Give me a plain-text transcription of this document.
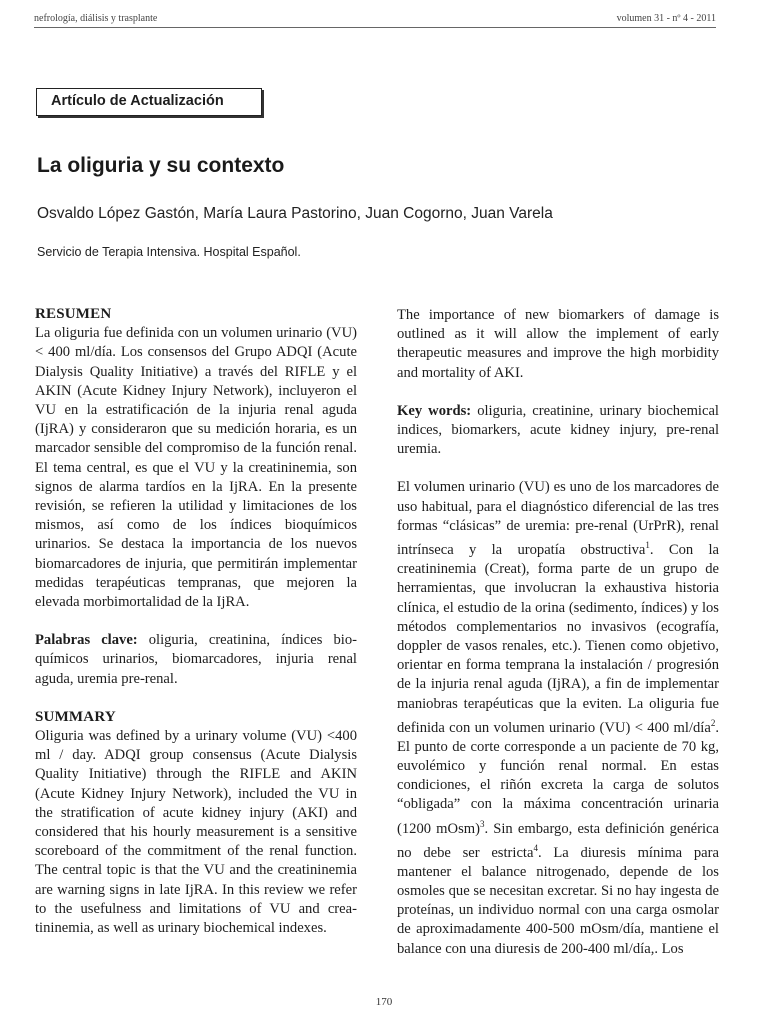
nefrología, diálisis y trasplante	volumen 31 - nº 4 - 2011
Artículo de Actualización
La oliguria y su contexto
Osvaldo López Gastón, María Laura Pastorino, Juan Cogorno, Juan Varela
Servicio de Terapia Intensiva. Hospital Español.

RESUMEN

La oliguria fue definida con un volumen urinario (VU) < 400 ml/día. Los consensos del Grupo ADQI (Acute Dialysis Quality Initiative) a través del RIFLE y el AKIN (Acute Kidney Injury Network), incluyeron el VU en la estratificación de la injuria renal aguda (IjRA) y consideraron que su medición horaria, es un marcador sensible del compromiso de la función renal. El tema central, es que el VU y la creatininemia, son signos de alarma tardíos en la IjRA. En la presente revisión, se refieren la utilidad y limitaciones de los mismos, así como de los índices bioquímicos urinarios. Se destaca la importancia de los nuevos biomarcadores de injuria, que permitirán implementar medidas terapéuticas tempranas, que mejoren la elevada morbimortalidad de la IjRA.

Palabras clave: oliguria, creatinina, índices bioquímicos urinarios, biomarcadores, injuria renal aguda, uremia pre-renal.

SUMMARY

Oliguria was defined by a urinary volume (VU) <400 ml / day. ADQI group consensus (Acute Dialysis Quality Initiative) through the RIFLE and AKIN (Acute Kidney Injury Network), included the VU in the stratification of acute kidney injury (AKI) and considered that his hourly measurement is a sensitive scoreboard of the commitment of the renal function. The central topic is that the VU and the creatininemia are warning signs in late IjRA. In this review we refer to the usefulness and limitations of VU and creatininemia, as well as urinary biochemical indexes.

The importance of new biomarkers of damage is outlined as it will allow the implement of early therapeutic measures and improve the high morbidity and mortality of AKI.

Key words: oliguria, creatinine, urinary biochemical indices, biomarkers, acute kidney injury, pre-renal uremia.

El volumen urinario (VU) es uno de los marcadores de uso habitual, para el diagnóstico diferencial de las tres formas “clásicas” de uremia: pre-renal (UrPrR), renal intrínseca y la uropatía obstructiva$^1$. Con la creatininemia (Creat), forma parte de un grupo de herramientas, que involucran la exhaustiva historia clínica, el estudio de la orina (sedimento, índices) y los métodos complementarios no invasivos (ecografía, doppler de vasos renales, etc.). Tienen como objetivo, orientar en forma temprana la instalación / progresión de la injuria renal aguda (IjRA), a fin de implementar maniobras terapéuticas que la eviten. La oliguria fue definida con un volumen urinario (VU) < 400 ml/día$^2$. El punto de corte corresponde a un paciente de 70 kg, euvolémico y función renal normal. En estas condiciones, el riñón excreta la carga de solutos “obligada” con la máxima concentración urinaria (1200 mOsm)$^3$. Sin embargo, esta definición genérica no debe ser estricta$^4$. La diuresis mínima para mantener el balance nitrogenado, depende de los osmoles que se necesitan excretar. Si no hay ingesta de proteínas, un individuo normal con una carga osmolar de aproximadamente 400-500 mOsm/día, mantiene el balance con una diuresis de 200-400 ml/día,. Los

170
